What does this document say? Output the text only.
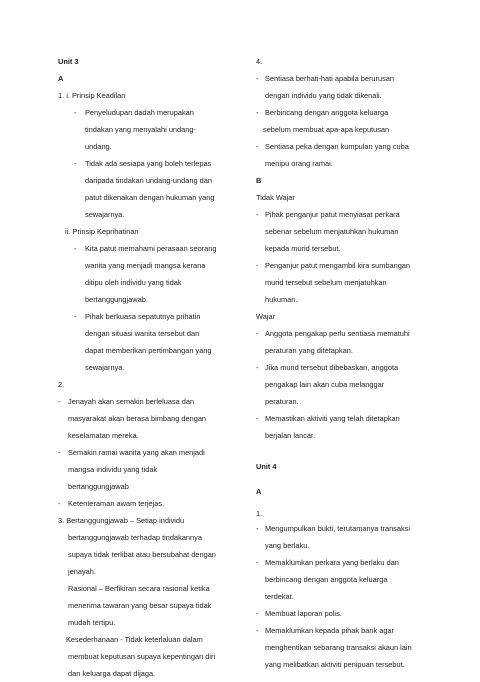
Unit 3
A
1. i. Prinsip Keadilan
- Penyeludupan dadah merupakan
tindakan yang menyalahi undang-
undang.
- Tidak ada sesiapa yang boleh terlepas
daripada tindakan undang-undang dan
patut dikenakan dengan hukuman yang
sewajarnya.
ii. Prinsip Keprihatinan
- Kita patut memahami perasaan seorang
wanita yang menjadi mangsa kerana
ditipu oleh individu yang tidak
bertanggungjawab.
- Pihak berkuasa sepatutnya prihatin
dengan situasi wanita tersebut dan
dapat memberikan pertimbangan yang
sewajarnya.
2.
- Jenayah akan semakin berleluasa dan
masyarakat akan berasa bimbang dengan
keselamatan mereka.
- Semakin ramai wanita yang akan menjadi
mangsa individu yang tidak
bertanggungjawab
- Ketenteraman awam terjejas.
3. Bertanggungjawab – Setiap individu
bertanggungjawab terhadap tindakannya
supaya tidak terlibat atau bersubahat dengan
jenayah.
Rasional – Berfikiran secara rasional ketika
menerima tawaran yang besar supaya tidak
mudah tertipu.
Kesederhanaan - Tidak keterlaluan dalam
membuat keputusan supaya kepentingan diri
dan keluarga dapat dijaga.
4.
- Sentiasa berhati-hati apabila berurusan
dengan individu yang tidak dikenali.
- Berbincang dengan anggota keluarga
sebelum membuat apa-apa keputusan
- Sentiasa peka dengan kumpulan yang cuba
menipu orang ramai.
B
Tidak Wajar
- Pihak penganjur patut menyiasat perkara
sebenar sebelum menjatuhkan hukuman
kepada murid tersebut.
- Penganjur patut mengambil kira sumbangan
murid tersebut sebelum menjatuhkan
hukuman.
Wajar
- Anggota pengakap perlu sentiasa mematuhi
peraturan yang ditetapkan.
- Jika murid tersebut dibebaskan, anggota
pengakap lain akan cuba melanggar
peraturan.
- Memastikan aktiviti yang telah ditetapkan
berjalan lancar.
Unit 4
A
1.
- Mengumpulkan bukti, terutamanya transaksi
yang berlaku.
- Memaklumkan perkara yang berlaku dan
berbincang dengan anggota keluarga
terdekat.
- Membuat laporan polis.
- Memaklumkan kepada pihak bank agar
menghentikan sebarang transaksi akaun lain
yang melibatkan aktiviti penipuan tersebut.
